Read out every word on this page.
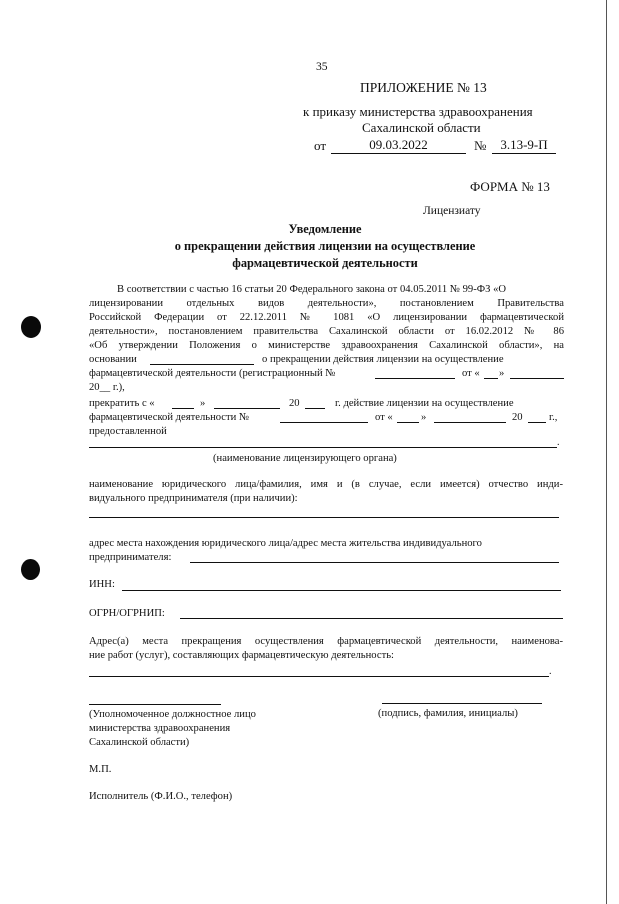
35
ПРИЛОЖЕНИЕ № 13
к приказу министерства здравоохранения
Сахалинской области
от	09.03.2022	№	3.13-9-П
ФОРМА № 13
Лицензиату
Уведомление
о прекращении действия лицензии на осуществление
фармацевтической деятельности
В соответствии с частью 16 статьи 20 Федерального закона от 04.05.2011 № 99-ФЗ «О
лицензировании отдельных видов деятельности», постановлением Правительства
Российской Федерации от 22.12.2011 № 1081 «О лицензировании фармацевтической
деятельности», постановлением правительства Сахалинской области от 16.02.2012 № 86
«Об утверждении Положения о министерстве здравоохранения Сахалинской области», на
основании	о прекращении действия лицензии на осуществление
фармацевтической деятельности (регистрационный №	от « »
20__ г.),
прекратить с «	»	20	г. действие лицензии на осуществление
фармацевтической деятельности №	от «	»	20 г.,
предоставленной
.
(наименование лицензирующего органа)
наименование юридического лица/фамилия, имя и (в случае, если имеется) отчество инди-
видуального предпринимателя (при наличии):
адрес места нахождения юридического лица/адрес места жительства индивидуального
предпринимателя:
ИНН:
ОГРН/ОГРНИП:
Адрес(а) места прекращения осуществления фармацевтической деятельности, наименова-
ние работ (услуг), составляющих фармацевтическую деятельность:
.
(Уполномоченное должностное лицо
министерства здравоохранения
Сахалинской области)
(подпись, фамилия, инициалы)
М.П.
Исполнитель (Ф.И.О., телефон)
